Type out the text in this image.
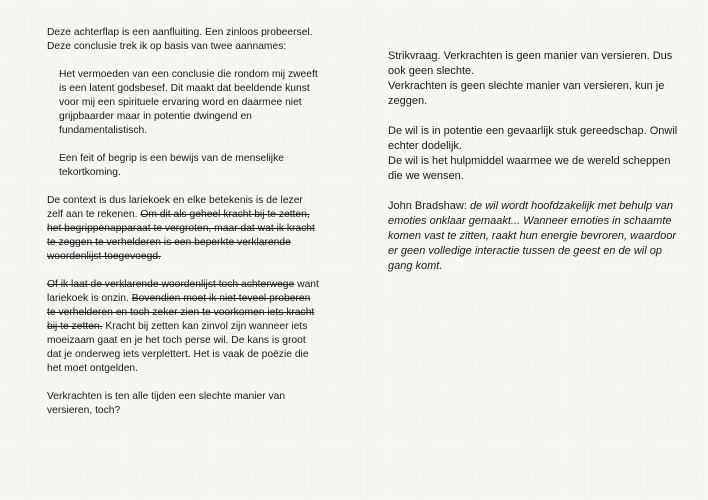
Deze achterflap is een aanfluiting. Een zinloos probeersel. Deze conclusie trek ik op basis van twee aannames:

Het vermoeden van een conclusie die rondom mij zweeft is een latent godsbesef. Dit maakt dat beeldende kunst voor mij een spirituele ervaring word en daarmee niet grijpbaarder maar in potentie dwingend en fundamentalistisch.

Een feit of begrip is een bewijs van de menselijke tekortkoming.

De context is dus lariekoek en elke betekenis is de lezer zelf aan te rekenen. Om dit als geheel kracht bij te zetten, het begrippenapparaat te vergroten, maar dat wat ik kracht te zeggen te verhelderen is een beperkte verklarende woordenlijst toegevoegd.

Of ik laat de verklarende woordenlijst toch achterwege want lariekoek is onzin. Bovendien moet ik niet teveel proberen te verhelderen en toch zeker zien te voorkomen iets kracht bij te zetten. Kracht bij zetten kan zinvol zijn wanneer iets moeizaam gaat en je het toch perse wil. De kans is groot dat je onderweg iets verplettert. Het is vaak de poëzie die het moet ontgelden.

Verkrachten is ten alle tijden een slechte manier van versieren, toch?

Strikvraag. Verkrachten is geen manier van versieren. Dus ook geen slechte.
Verkrachten is geen slechte manier van versieren, kun je zeggen.

De wil is in potentie een gevaarlijk stuk gereedschap. Onwil echter dodelijk.
De wil is het hulpmiddel waarmee we de wereld scheppen die we wensen.

John Bradshaw: de wil wordt hoofdzakelijk met behulp van emoties onklaar gemaakt... Wanneer emoties in schaamte komen vast te zitten, raakt hun energie bevroren, waardoor er geen volledige interactie tussen de geest en de wil op gang komt.
